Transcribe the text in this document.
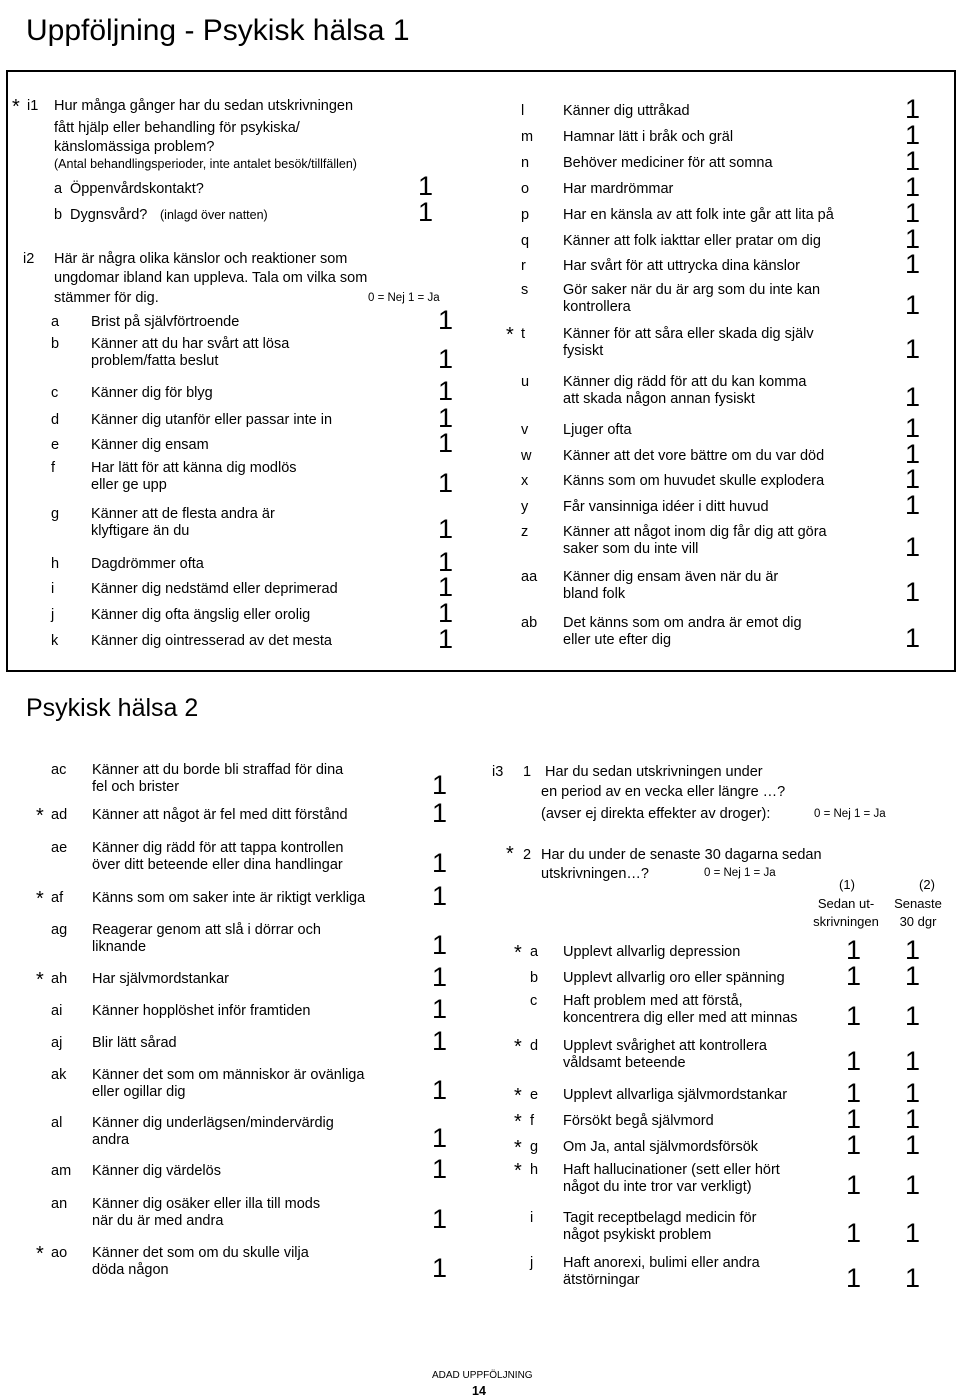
Uppföljning - Psykisk hälsa 1
Psykisk hälsa 2
* i1 Hur många gånger har du sedan utskrivningen
fått hjälp eller behandling för psykiska/
känslomässiga problem?
(Antal behandlingsperioder, inte antalet besök/tillfällen)
a Öppenvårdskontakt?	1
b Dygnsvård? (inlagd över natten)	1
i2 Här är några olika känslor och reaktioner som
ungdomar ibland kan uppleva. Tala om vilka som
stämmer för dig.	0 = Nej 1 = Ja
a Brist på självförtroende	1
b Känner att du har svårt att lösa
problem/fatta beslut	1
c Känner dig för blyg	1
d Känner dig utanför eller passar inte in	1
e Känner dig ensam	1
f Har lätt för att känna dig modlös
eller ge upp	1
g Känner att de flesta andra är
klyftigare än du	1
h Dagdrömmer ofta	1
i	Känner dig nedstämd eller deprimerad	1
j	Känner dig ofta ängslig eller orolig	1
k Känner dig ointresserad av det mesta	1
l	Känner dig uttråkad	1
m Hamnar lätt i bråk och gräl	1
n Behöver mediciner för att somna	1
o Har mardrömmar	1
p Har en känsla av att folk inte går att lita på	1
q Känner att folk iakttar eller pratar om dig	1
r	Har svårt för att uttrycka dina känslor	1
s Gör saker när du är arg som du inte kan
kontrollera	1
* t	Känner för att såra eller skada dig själv
fysiskt	1
u Känner dig rädd för att du kan komma
att skada någon annan fysiskt	1
v Ljuger ofta	1
w Känner att det vore bättre om du var död	1
x Känns som om huvudet skulle explodera	1
y Får vansinniga idéer i ditt huvud	1
z Känner att något inom dig får dig att göra
saker som du inte vill	1
aa Känner dig ensam även när du är
bland folk	1
ab Det känns som om andra är emot dig
eller ute efter dig	1
ac Känner att du borde bli straffad för dina
fel och brister	1
* ad Känner att något är fel med ditt förstånd	1
ae Känner dig rädd för att tappa kontrollen
över ditt beteende eller dina handlingar	1
* af Känns som om saker inte är riktigt verkliga 1
ag Reagerar genom att slå i dörrar och
liknande	1
* ah Har självmordstankar	1
ai Känner hopplöshet inför framtiden	1
aj Blir lätt sårad	1
ak Känner det som om människor är ovänliga
eller ogillar dig	1
al Känner dig underlägsen/mindervärdig
andra	1
am Känner dig värdelös	1
an Känner dig osäker eller illa till mods
när du är med andra	1
* ao Känner det som om du skulle vilja
döda någon	1
i3 1 Har du sedan utskrivningen under
en period av en vecka eller längre …?
(avser ej direkta effekter av droger):	0 = Nej 1 = Ja
* 2 Har du under de senaste 30 dagarna sedan
utskrivningen…?	0 = Nej 1 = Ja
(1)
Sedan ut-
skrivningen
(2)
Senaste
30 dgr
* a Upplevt allvarlig depression	1 1
b Upplevt allvarlig oro eller spänning 1 1
c Haft problem med att förstå,
koncentrera dig eller med att minnas 1 1
* d Upplevt svårighet att kontrollera
våldsamt beteende	1 1
* e Upplevt allvarliga självmordstankar 1 1
* f Försökt begå självmord	1 1
* g Om Ja, antal självmordsförsök	1 1
* h Haft hallucinationer (sett eller hört
något du inte tror var verkligt)	1 1
i Tagit receptbelagd medicin för
något psykiskt problem	1 1
j Haft anorexi, bulimi eller andra
ätstörningar	1 1
ADAD UPPFÖLJNING
14
